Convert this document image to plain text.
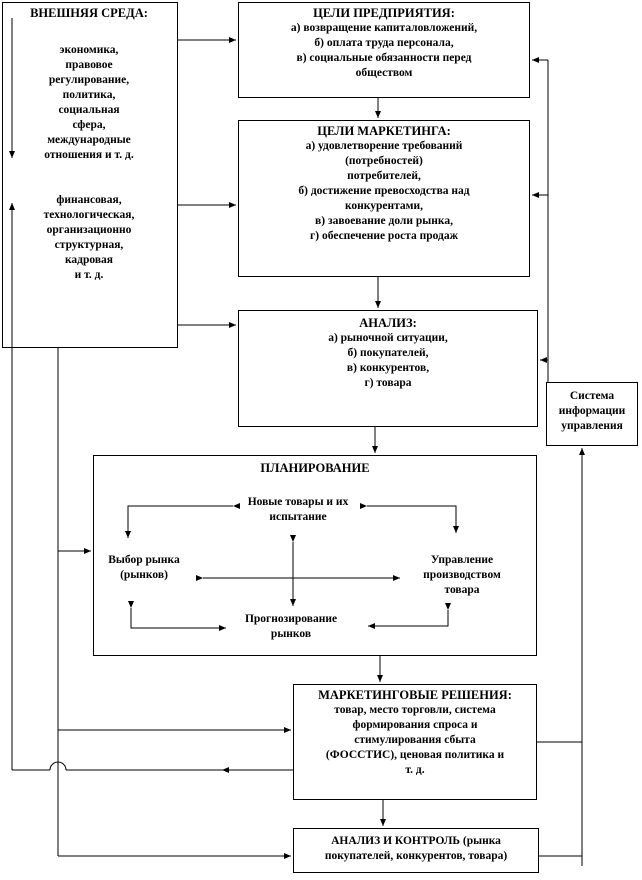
ВНЕШНЯЯ СРЕДА:
экономика,
правовое
регулирование,
политика,
социальная
сфера,
международные
отношения и т. д.
финансовая,
технологическая,
организационно
структурная,
кадровая
и т. д.
ЦЕЛИ ПРЕДПРИЯТИЯ:
а) возвращение капиталовложений,
б) оплата труда персонала,
в) социальные обязанности перед
обществом
ЦЕЛИ МАРКЕТИНГА:
а) удовлетворение требований
(потребностей)
потребителей,
б) достижение превосходства над
конкурентами,
в) завоевание доли рынка,
г) обеспечение роста продаж
АНАЛИЗ:
а) рыночной ситуации,
б) покупателей,
в) конкурентов,
г) товара
Система
информации
управления
ПЛАНИРОВАНИЕ
Новые товары и их
испытание
Выбор рынка
(рынков)
Управление
производством
товара
Прогнозирование
рынков
МАРКЕТИНГОВЫЕ РЕШЕНИЯ:
товар, место торговли, система
формирования спроса и
стимулирования сбыта
(ФОССТИС), ценовая политика и
т. д.
АНАЛИЗ И КОНТРОЛЬ (рынка
покупателей, конкурентов, товара)
